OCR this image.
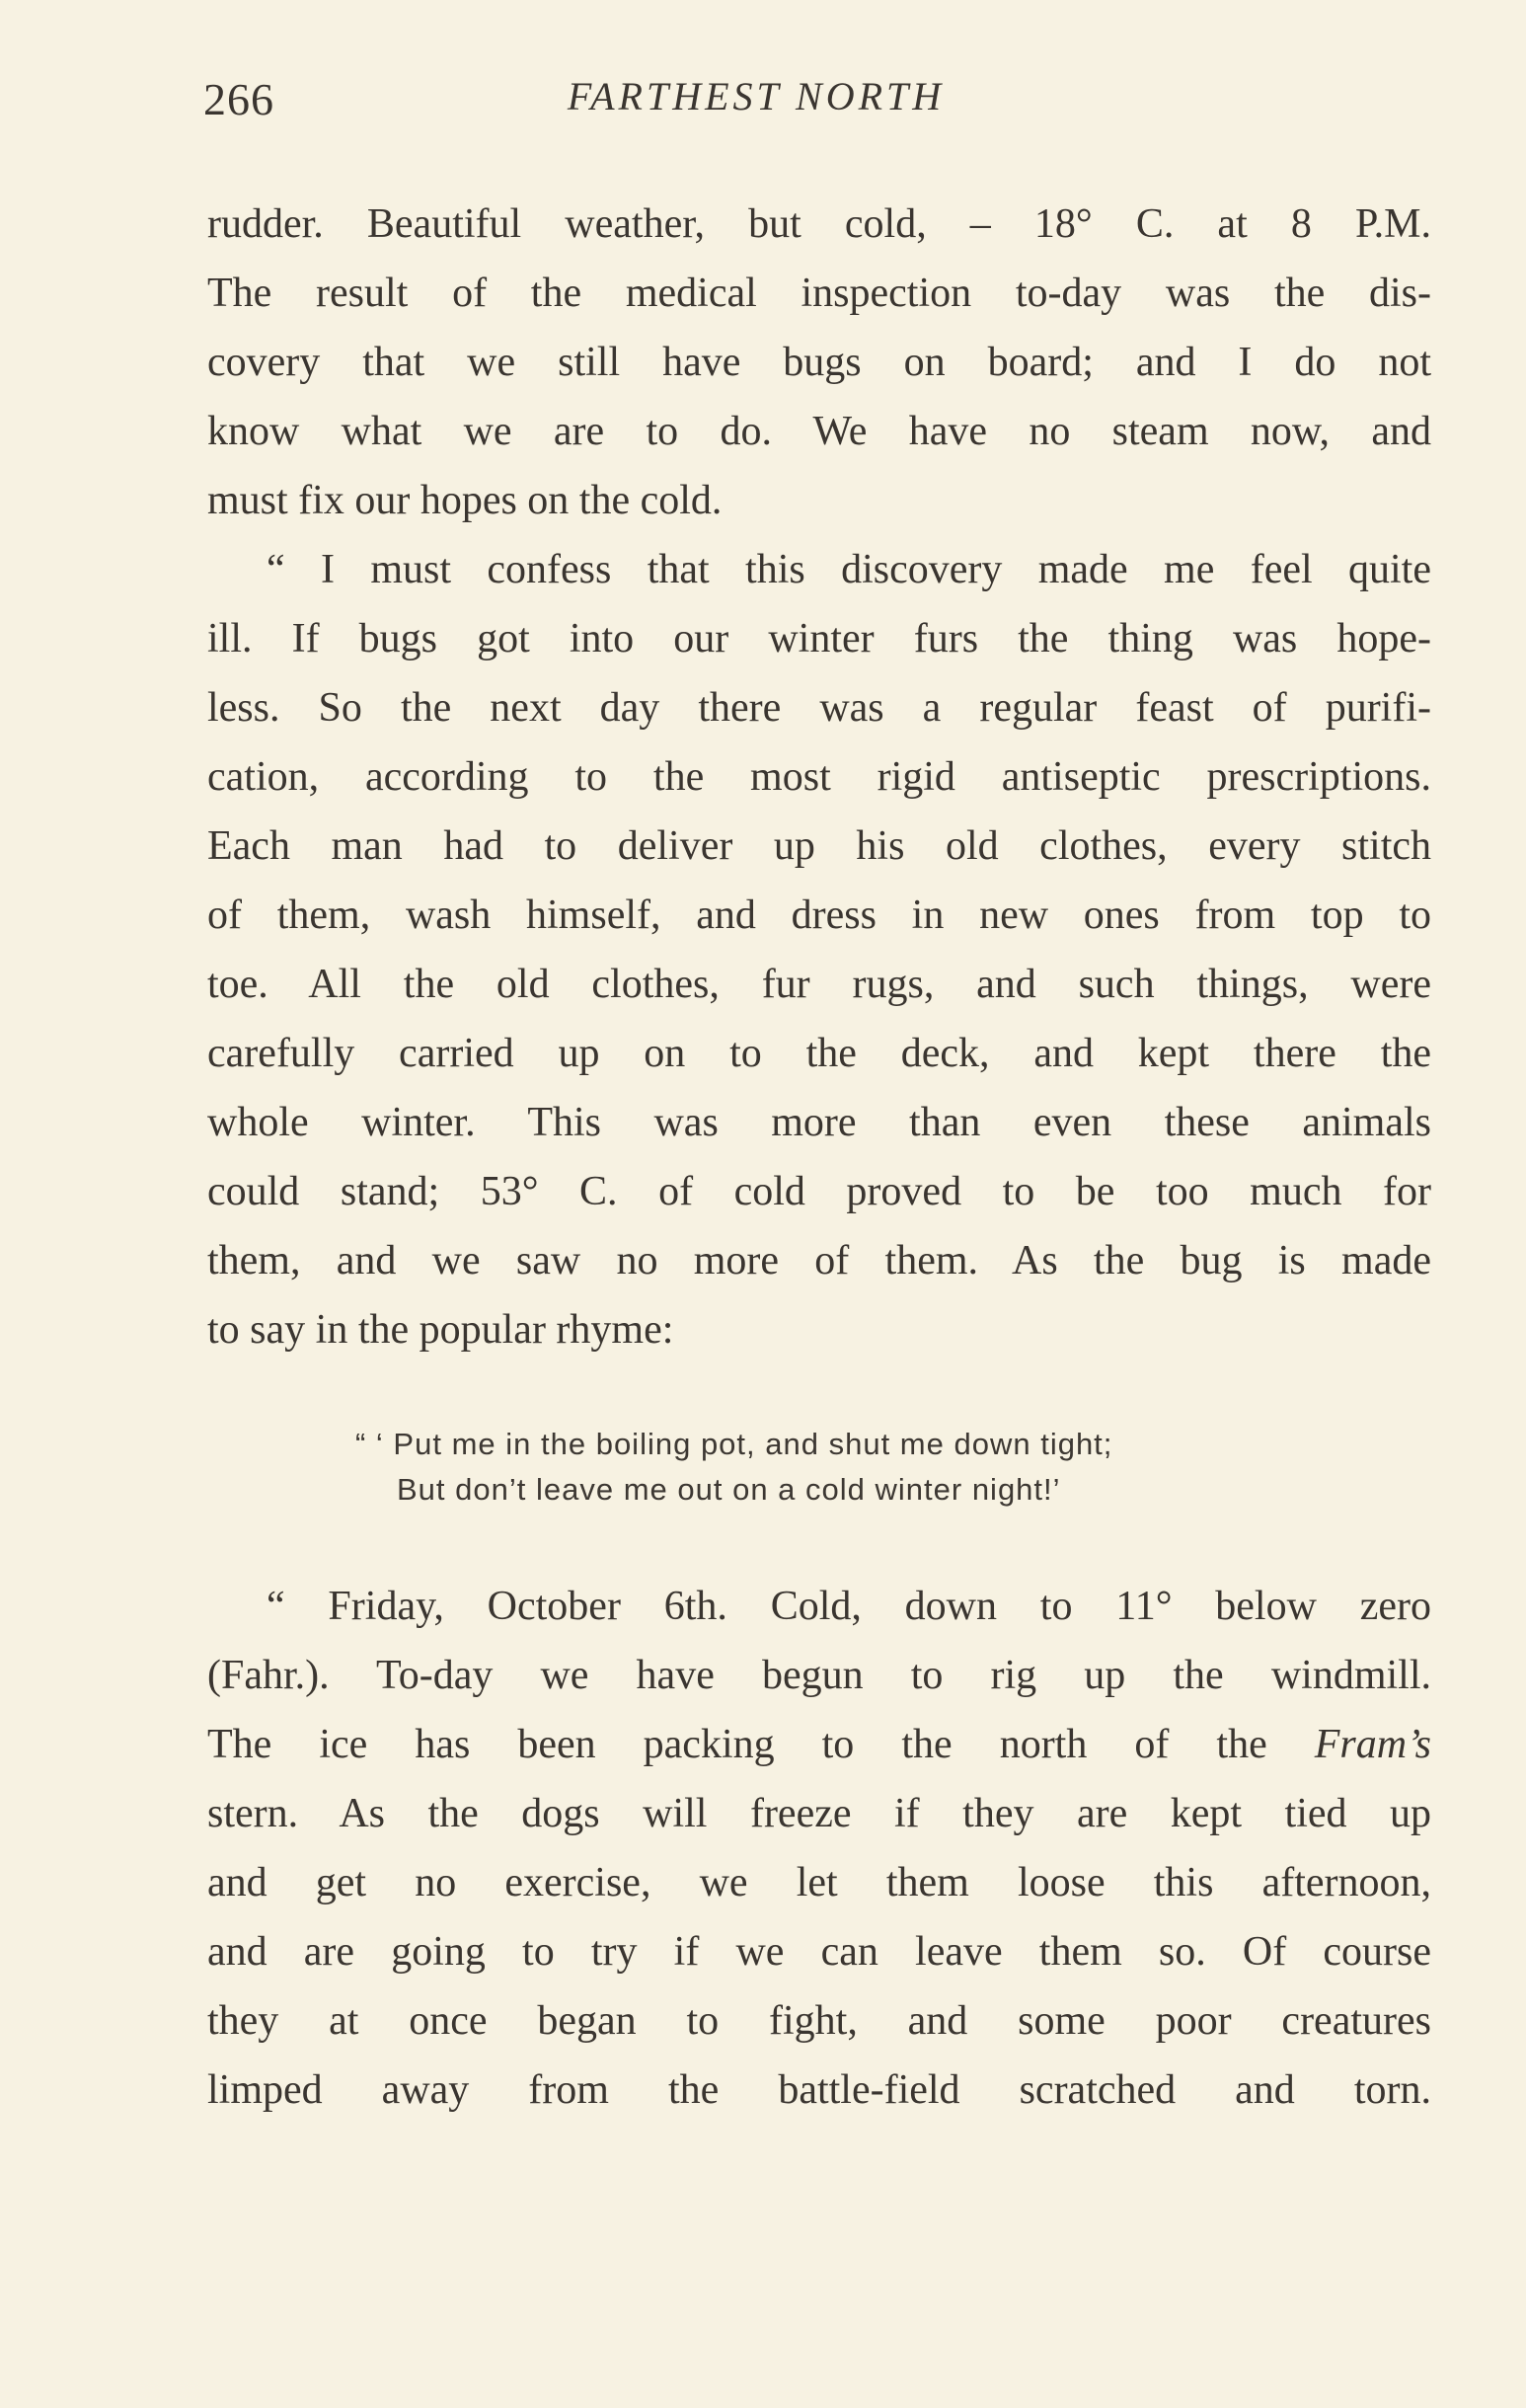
266	FARTHEST NORTH
rudder. Beautiful weather, but cold, – 18° C. at 8 P.M.
The result of the medical inspection to-day was the dis-
covery that we still have bugs on board; and I do not
know what we are to do. We have no steam now, and
must fix our hopes on the cold.
“ I must confess that this discovery made me feel quite
ill. If bugs got into our winter furs the thing was hope-
less. So the next day there was a regular feast of purifi-
cation, according to the most rigid antiseptic prescriptions.
Each man had to deliver up his old clothes, every stitch
of them, wash himself, and dress in new ones from top to
toe. All the old clothes, fur rugs, and such things, were
carefully carried up on to the deck, and kept there the
whole winter. This was more than even these animals
could stand; 53° C. of cold proved to be too much for
them, and we saw no more of them. As the bug is made
to say in the popular rhyme:
“ ‘ Put me in the boiling pot, and shut me down tight;
But don’t leave me out on a cold winter night!’
“ Friday, October 6th. Cold, down to 11° below zero
(Fahr.). To-day we have begun to rig up the windmill.
The ice has been packing to the north of the Fram’s
stern. As the dogs will freeze if they are kept tied up
and get no exercise, we let them loose this afternoon,
and are going to try if we can leave them so. Of course
they at once began to fight, and some poor creatures
limped away from the battle-field scratched and torn.
